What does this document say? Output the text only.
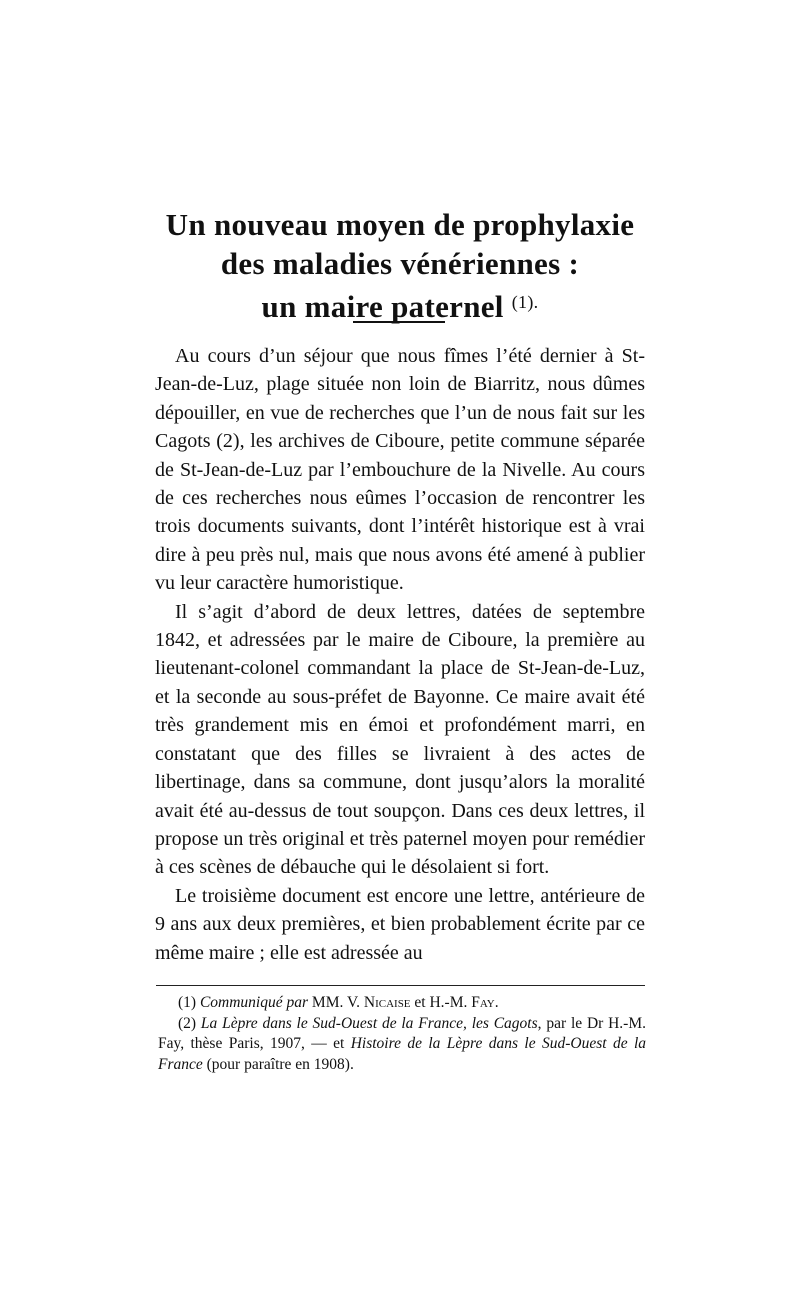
Un nouveau moyen de prophylaxie
des maladies vénériennes :
un maire paternel $^{(1).}$

Au cours d’un séjour que nous fîmes l’été dernier à St-Jean-de-Luz, plage située non loin de Biarritz, nous dûmes dépouiller, en vue de recherches que l’un de nous fait sur les Cagots (2), les archives de Ciboure, petite commune séparée de St-Jean-de-Luz par l’embouchure de la Nivelle. Au cours de ces recherches nous eûmes l’occasion de rencontrer les trois documents suivants, dont l’intérêt historique est à vrai dire à peu près nul, mais que nous avons été amené à publier vu leur caractère humoristique.

Il s’agit d’abord de deux lettres, datées de septembre 1842, et adressées par le maire de Ciboure, la première au lieutenant-colonel commandant la place de St-Jean-de-Luz, et la seconde au sous-préfet de Bayonne. Ce maire avait été très grandement mis en émoi et profondément marri, en constatant que des filles se livraient à des actes de libertinage, dans sa commune, dont jusqu’alors la moralité avait été au-dessus de tout soupçon. Dans ces deux lettres, il propose un très original et très paternel moyen pour remédier à ces scènes de débauche qui le désolaient si fort.

Le troisième document est encore une lettre, antérieure de 9 ans aux deux premières, et bien probablement écrite par ce même maire ; elle est adressée au

(1) Communiqué par MM. V. Nicaise et H.-M. Fay.

(2) La Lèpre dans le Sud-Ouest de la France, les Cagots, par le Dr H.-M. Fay, thèse Paris, 1907, — et Histoire de la Lèpre dans le Sud-Ouest de la France (pour paraître en 1908).
